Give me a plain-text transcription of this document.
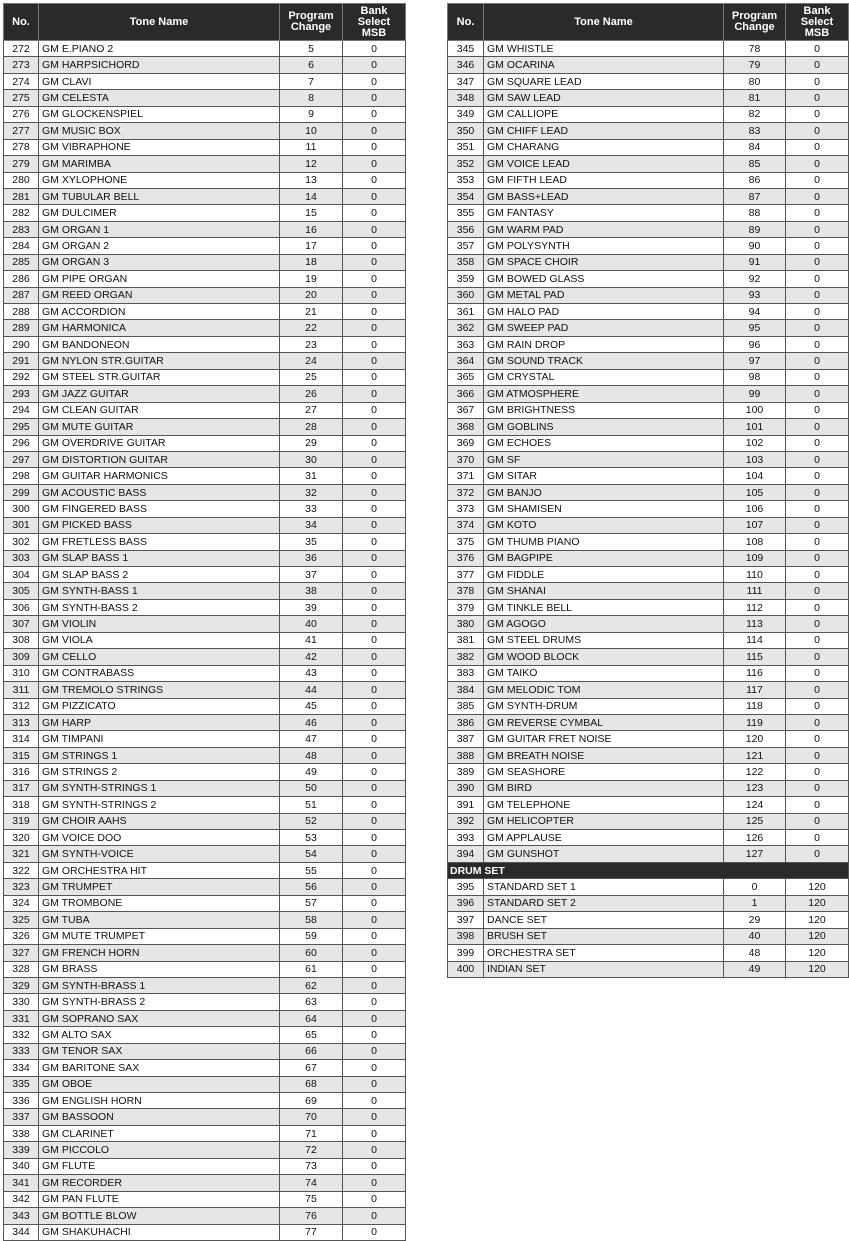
No.	Tone Name	Program
Change	Bank
Select
MSB
272	GM E.PIANO 2	5	0
273	GM HARPSICHORD	6	0
274	GM CLAVI	7	0
275	GM CELESTA	8	0
276	GM GLOCKENSPIEL	9	0
277	GM MUSIC BOX	10	0
278	GM VIBRAPHONE	11	0
279	GM MARIMBA	12	0
280	GM XYLOPHONE	13	0
281	GM TUBULAR BELL	14	0
282	GM DULCIMER	15	0
283	GM ORGAN 1	16	0
284	GM ORGAN 2	17	0
285	GM ORGAN 3	18	0
286	GM PIPE ORGAN	19	0
287	GM REED ORGAN	20	0
288	GM ACCORDION	21	0
289	GM HARMONICA	22	0
290	GM BANDONEON	23	0
291	GM NYLON STR.GUITAR	24	0
292	GM STEEL STR.GUITAR	25	0
293	GM JAZZ GUITAR	26	0
294	GM CLEAN GUITAR	27	0
295	GM MUTE GUITAR	28	0
296	GM OVERDRIVE GUITAR	29	0
297	GM DISTORTION GUITAR	30	0
298	GM GUITAR HARMONICS	31	0
299	GM ACOUSTIC BASS	32	0
300	GM FINGERED BASS	33	0
301	GM PICKED BASS	34	0
302	GM FRETLESS BASS	35	0
303	GM SLAP BASS 1	36	0
304	GM SLAP BASS 2	37	0
305	GM SYNTH-BASS 1	38	0
306	GM SYNTH-BASS 2	39	0
307	GM VIOLIN	40	0
308	GM VIOLA	41	0
309	GM CELLO	42	0
310	GM CONTRABASS	43	0
311	GM TREMOLO STRINGS	44	0
312	GM PIZZICATO	45	0
313	GM HARP	46	0
314	GM TIMPANI	47	0
315	GM STRINGS 1	48	0
316	GM STRINGS 2	49	0
317	GM SYNTH-STRINGS 1	50	0
318	GM SYNTH-STRINGS 2	51	0
319	GM CHOIR AAHS	52	0
320	GM VOICE DOO	53	0
321	GM SYNTH-VOICE	54	0
322	GM ORCHESTRA HIT	55	0
323	GM TRUMPET	56	0
324	GM TROMBONE	57	0
325	GM TUBA	58	0
326	GM MUTE TRUMPET	59	0
327	GM FRENCH HORN	60	0
328	GM BRASS	61	0
329	GM SYNTH-BRASS 1	62	0
330	GM SYNTH-BRASS 2	63	0
331	GM SOPRANO SAX	64	0
332	GM ALTO SAX	65	0
333	GM TENOR SAX	66	0
334	GM BARITONE SAX	67	0
335	GM OBOE	68	0
336	GM ENGLISH HORN	69	0
337	GM BASSOON	70	0
338	GM CLARINET	71	0
339	GM PICCOLO	72	0
340	GM FLUTE	73	0
341	GM RECORDER	74	0
342	GM PAN FLUTE	75	0
343	GM BOTTLE BLOW	76	0
344	GM SHAKUHACHI	77	0
No.	Tone Name	Program
Change	Bank
Select
MSB
345	GM WHISTLE	78	0
346	GM OCARINA	79	0
347	GM SQUARE LEAD	80	0
348	GM SAW LEAD	81	0
349	GM CALLIOPE	82	0
350	GM CHIFF LEAD	83	0
351	GM CHARANG	84	0
352	GM VOICE LEAD	85	0
353	GM FIFTH LEAD	86	0
354	GM BASS+LEAD	87	0
355	GM FANTASY	88	0
356	GM WARM PAD	89	0
357	GM POLYSYNTH	90	0
358	GM SPACE CHOIR	91	0
359	GM BOWED GLASS	92	0
360	GM METAL PAD	93	0
361	GM HALO PAD	94	0
362	GM SWEEP PAD	95	0
363	GM RAIN DROP	96	0
364	GM SOUND TRACK	97	0
365	GM CRYSTAL	98	0
366	GM ATMOSPHERE	99	0
367	GM BRIGHTNESS	100	0
368	GM GOBLINS	101	0
369	GM ECHOES	102	0
370	GM SF	103	0
371	GM SITAR	104	0
372	GM BANJO	105	0
373	GM SHAMISEN	106	0
374	GM KOTO	107	0
375	GM THUMB PIANO	108	0
376	GM BAGPIPE	109	0
377	GM FIDDLE	110	0
378	GM SHANAI	111	0
379	GM TINKLE BELL	112	0
380	GM AGOGO	113	0
381	GM STEEL DRUMS	114	0
382	GM WOOD BLOCK	115	0
383	GM TAIKO	116	0
384	GM MELODIC TOM	117	0
385	GM SYNTH-DRUM	118	0
386	GM REVERSE CYMBAL	119	0
387	GM GUITAR FRET NOISE	120	0
388	GM BREATH NOISE	121	0
389	GM SEASHORE	122	0
390	GM BIRD	123	0
391	GM TELEPHONE	124	0
392	GM HELICOPTER	125	0
393	GM APPLAUSE	126	0
394	GM GUNSHOT	127	0
DRUM SET			
395	STANDARD SET 1	0	120
396	STANDARD SET 2	1	120
397	DANCE SET	29	120
398	BRUSH SET	40	120
399	ORCHESTRA SET	48	120
400	INDIAN SET	49	120
